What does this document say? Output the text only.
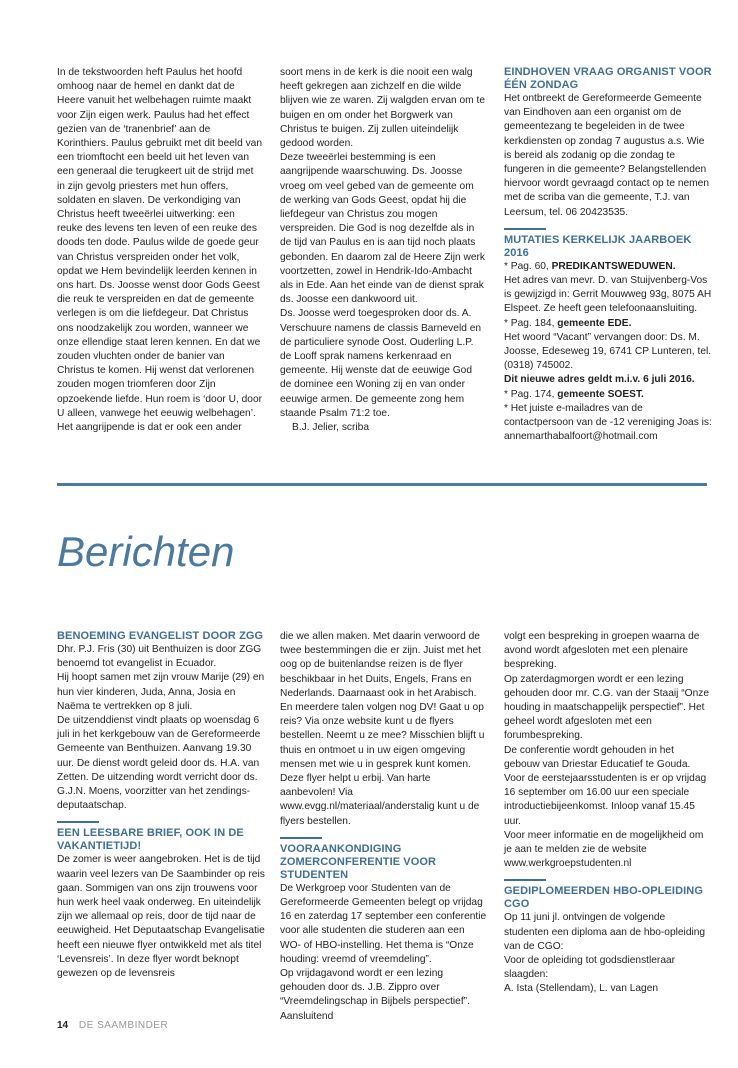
In de tekstwoorden heft Paulus het hoofd omhoog naar de hemel en dankt dat de Heere vanuit het welbehagen ruimte maakt voor Zijn eigen werk. Paulus had het effect gezien van de ‘tranenbrief’ aan de Korinthiers. Paulus gebruikt met dit beeld van een triomftocht een beeld uit het leven van een generaal die terugkeert uit de strijd met in zijn gevolg priesters met hun offers, soldaten en slaven. De verkondiging van Christus heeft tweeërlei uitwerking: een reuke des levens ten leven of een reuke des doods ten dode. Paulus wilde de goede geur van Christus verspreiden onder het volk, opdat we Hem bevindelijk leerden kennen in ons hart. Ds. Joosse wenst door Gods Geest die reuk te verspreiden en dat de gemeente verlegen is om die liefdegeur. Dat Christus ons noodzakelijk zou worden, wanneer we onze ellendige staat leren kennen. En dat we zouden vluchten onder de banier van Christus te komen. Hij wenst dat verlorenen zouden mogen triomferen door Zijn opzoekende liefde. Hun roem is ‘door U, door U alleen, vanwege het eeuwig welbehagen’.

Het aangrijpende is dat er ook een ander

soort mens in de kerk is die nooit een walg heeft gekregen aan zichzelf en die wilde blijven wie ze waren. Zij walgden ervan om te buigen en om onder het Borgwerk van Christus te buigen. Zij zullen uiteindelijk gedood worden.

Deze tweeërlei bestemming is een aangrijpende waarschuwing. Ds. Joosse vroeg om veel gebed van de gemeente om de werking van Gods Geest, opdat hij die liefdegeur van Christus zou mogen verspreiden. Die God is nog dezelfde als in de tijd van Paulus en is aan tijd noch plaats gebonden. En daarom zal de Heere Zijn werk voortzetten, zowel in Hendrik-Ido-Ambacht als in Ede. Aan het einde van de dienst sprak ds. Joosse een dankwoord uit.

Ds. Joosse werd toegesproken door ds. A. Verschuure namens de classis Barneveld en de particuliere synode Oost. Ouderling L.P. de Looff sprak namens kerkenraad en gemeente. Hij wenste dat de eeuwige God de dominee een Woning zij en van onder eeuwige armen. De gemeente zong hem staande Psalm 71:2 toe.

B.J. Jelier, scriba

EINDHOVEN VRAAG ORGANIST VOOR ÉÉN ZONDAG

Het ontbreekt de Gereformeerde Gemeente van Eindhoven aan een organist om de gemeentezang te begeleiden in de twee kerkdiensten op zondag 7 augustus a.s. Wie is bereid als zodanig op die zondag te fungeren in die gemeente? Belangstellenden hiervoor wordt gevraagd contact op te nemen met de scriba van die gemeente, T.J. van Leersum, tel. 06 20423535.

MUTATIES KERKELIJK JAARBOEK 2016

* Pag. 60, PREDIKANTSWEDUWEN.

Het adres van mevr. D. van Stuijvenberg-Vos is gewijzigd in: Gerrit Mouwweg 93g, 8075 AH Elspeet. Ze heeft geen telefoonaansluiting.

* Pag. 184, gemeente EDE.

Het woord “Vacant” vervangen door: Ds. M. Joosse, Edeseweg 19, 6741 CP Lunteren, tel. (0318) 745002.

Dit nieuwe adres geldt m.i.v. 6 juli 2016.

* Pag. 174, gemeente SOEST.

* Het juiste e-mailadres van de contactpersoon van de -12 vereniging Joas is: annemarthabalfoort@hotmail.com

Berichten

BENOEMING EVANGELIST DOOR ZGG

Dhr. P.J. Fris (30) uit Benthuizen is door ZGG benoemd tot evangelist in Ecuador.

Hij hoopt samen met zijn vrouw Marije (29) en hun vier kinderen, Juda, Anna, Josia en Naëma te vertrekken op 8 juli.

De uitzenddienst vindt plaats op woensdag 6 juli in het kerkgebouw van de Gereformeerde Gemeente van Benthuizen. Aanvang 19.30 uur. De dienst wordt geleid door ds. H.A. van Zetten. De uitzending wordt verricht door ds. G.J.N. Moens, voorzitter van het zendings-deputaatschap.

EEN LEESBARE BRIEF, OOK IN DE VAKANTIETIJD!

De zomer is weer aangebroken. Het is de tijd waarin veel lezers van De Saambinder op reis gaan. Sommigen van ons zijn trouwens voor hun werk heel vaak onderweg. En uiteindelijk zijn we allemaal op reis, door de tijd naar de eeuwigheid. Het Deputaatschap Evangelisatie heeft een nieuwe flyer ontwikkeld met als titel ‘Levensreis’. In deze flyer wordt beknopt gewezen op de levensreis

die we allen maken. Met daarin verwoord de twee bestemmingen die er zijn. Juist met het oog op de buitenlandse reizen is de flyer beschikbaar in het Duits, Engels, Frans en Nederlands. Daarnaast ook in het Arabisch. En meerdere talen volgen nog DV! Gaat u op reis? Via onze website kunt u de flyers bestellen. Neemt u ze mee? Misschien blijft u thuis en ontmoet u in uw eigen omgeving mensen met wie u in gesprek kunt komen. Deze flyer helpt u erbij. Van harte aanbevolen! Via www.evgg.nl/materiaal/anderstalig kunt u de flyers bestellen.

VOORAANKONDIGING ZOMERCONFERENTIE VOOR STUDENTEN

De Werkgroep voor Studenten van de Gereformeerde Gemeenten belegt op vrijdag 16 en zaterdag 17 september een conferentie voor alle studenten die studeren aan een WO- of HBO-instelling. Het thema is “Onze houding: vreemd of vreemdeling”.

Op vrijdagavond wordt er een lezing gehouden door ds. J.B. Zippro over “Vreemdelingschap in Bijbels perspectief”. Aansluitend

volgt een bespreking in groepen waarna de avond wordt afgesloten met een plenaire bespreking.

Op zaterdagmorgen wordt er een lezing gehouden door mr. C.G. van der Staaij “Onze houding in maatschappelijk perspectief”. Het geheel wordt afgesloten met een forumbespreking.

De conferentie wordt gehouden in het gebouw van Driestar Educatief te Gouda.

Voor de eerstejaarsstudenten is er op vrijdag 16 september om 16.00 uur een speciale introductiebijeenkomst. Inloop vanaf 15.45 uur.

Voor meer informatie en de mogelijkheid om je aan te melden zie de website www.werkgroepstudenten.nl

GEDIPLOMEERDEN HBO-OPLEIDING CGO

Op 11 juni jl. ontvingen de volgende studenten een diploma aan de hbo-opleiding van de CGO:

Voor de opleiding tot godsdienstleraar slaagden:

A. Ista (Stellendam), L. van Lagen

14 DE SAAMBINDER
